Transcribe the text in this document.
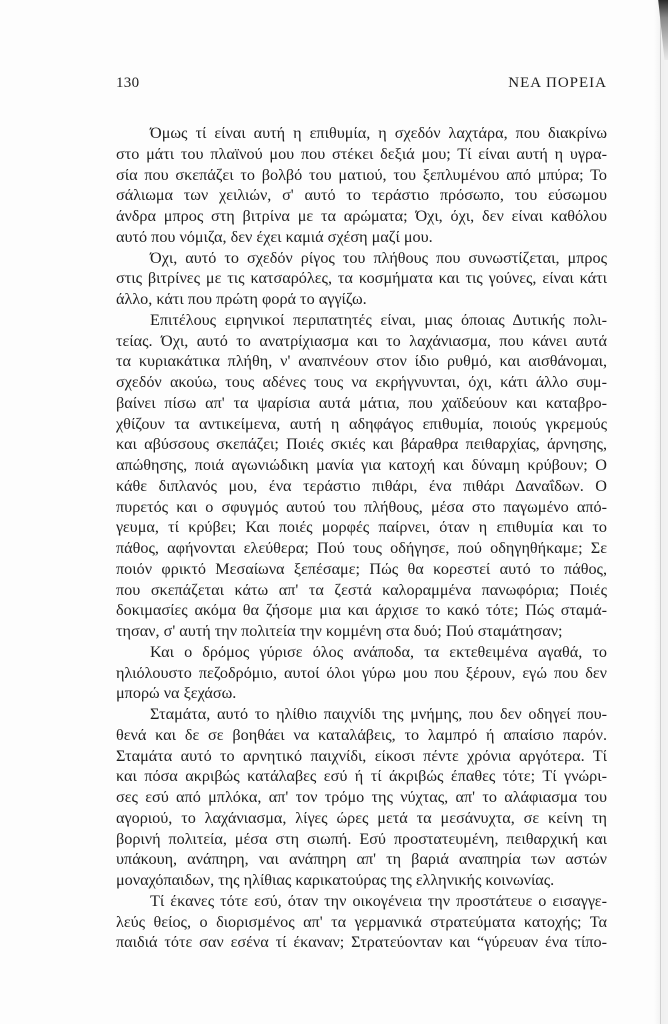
130	ΝΕΑ ΠΟΡΕΙΑ
Όμως τί είναι αυτή η επιθυμία, η σχεδόν λαχτάρα, που διακρίνω
στο μάτι του πλαϊνού μου που στέκει δεξιά μου; Τί είναι αυτή η υγρα-
σία που σκεπάζει το βολβό του ματιού, του ξεπλυμένου από μπύρα; Το
σάλιωμα των χειλιών, σ' αυτό το τεράστιο πρόσωπο, του εύσωμου
άνδρα μπρος στη βιτρίνα με τα αρώματα; Όχι, όχι, δεν είναι καθόλου
αυτό που νόμιζα, δεν έχει καμιά σχέση μαζί μου.
Όχι, αυτό το σχεδόν ρίγος του πλήθους που συνωστίζεται, μπρος
στις βιτρίνες με τις κατσαρόλες, τα κοσμήματα και τις γούνες, είναι κάτι
άλλο, κάτι που πρώτη φορά το αγγίζω.
Επιτέλους ειρηνικοί περιπατητές είναι, μιας όποιας Δυτικής πολι-
τείας. Όχι, αυτό το ανατρίχιασμα και το λαχάνιασμα, που κάνει αυτά
τα κυριακάτικα πλήθη, ν' αναπνέουν στον ίδιο ρυθμό, και αισθάνομαι,
σχεδόν ακούω, τους αδένες τους να εκρήγνυνται, όχι, κάτι άλλο συμ-
βαίνει πίσω απ' τα ψαρίσια αυτά μάτια, που χαϊδεύουν και καταβρο-
χθίζουν τα αντικείμενα, αυτή η αδηφάγος επιθυμία, ποιούς γκρεμούς
και αβύσσους σκεπάζει; Ποιές σκιές και βάραθρα πειθαρχίας, άρνησης,
απώθησης, ποιά αγωνιώδικη μανία για κατοχή και δύναμη κρύβουν; Ο
κάθε διπλανός μου, ένα τεράστιο πιθάρι, ένα πιθάρι Δαναΐδων. Ο
πυρετός και ο σφυγμός αυτού του πλήθους, μέσα στο παγωμένο από-
γευμα, τί κρύβει; Και ποιές μορφές παίρνει, όταν η επιθυμία και το
πάθος, αφήνονται ελεύθερα; Πού τους οδήγησε, πού οδηγηθήκαμε; Σε
ποιόν φρικτό Μεσαίωνα ξεπέσαμε; Πώς θα κορεστεί αυτό το πάθος,
που σκεπάζεται κάτω απ' τα ζεστά καλοραμμένα πανωφόρια; Ποιές
δοκιμασίες ακόμα θα ζήσομε μια και άρχισε το κακό τότε; Πώς σταμά-
τησαν, σ' αυτή την πολιτεία την κομμένη στα δυό; Πού σταμάτησαν;
Και ο δρόμος γύρισε όλος ανάποδα, τα εκτεθειμένα αγαθά, το
ηλιόλουστο πεζοδρόμιο, αυτοί όλοι γύρω μου που ξέρουν, εγώ που δεν
μπορώ να ξεχάσω.
Σταμάτα, αυτό το ηλίθιο παιχνίδι της μνήμης, που δεν οδηγεί που-
θενά και δε σε βοηθάει να καταλάβεις, το λαμπρό ή απαίσιο παρόν.
Σταμάτα αυτό το αρνητικό παιχνίδι, είκοσι πέντε χρόνια αργότερα. Τί
και πόσα ακριβώς κατάλαβες εσύ ή τί άκριβώς έπαθες τότε; Τί γνώρι-
σες εσύ από μπλόκα, απ' τον τρόμο της νύχτας, απ' το αλάφιασμα του
αγοριού, το λαχάνιασμα, λίγες ώρες μετά τα μεσάνυχτα, σε κείνη τη
βορινή πολιτεία, μέσα στη σιωπή. Εσύ προστατευμένη, πειθαρχική και
υπάκουη, ανάπηρη, ναι ανάπηρη απ' τη βαριά αναπηρία των αστών
μοναχόπαιδων, της ηλίθιας καρικατούρας της ελληνικής κοινωνίας.
Τί έκανες τότε εσύ, όταν την οικογένεια την προστάτευε ο εισαγγε-
λεύς θείος, ο διορισμένος απ' τα γερμανικά στρατεύματα κατοχής; Τα
παιδιά τότε σαν εσένα τί έκαναν; Στρατεύονταν και “γύρευαν ένα τίπο-
